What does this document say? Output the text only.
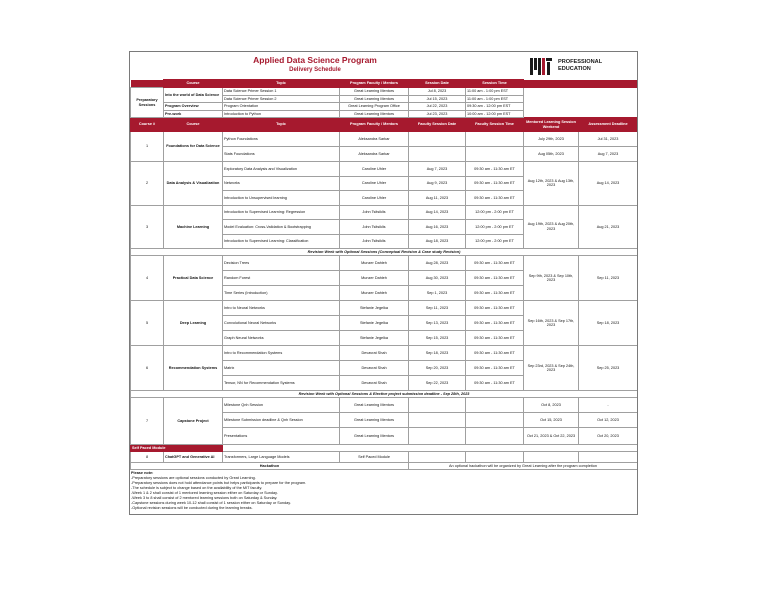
Applied Data Science Program
Delivery Schedule
PROFESSIONAL
EDUCATION
	Course	Topic	Program Faculty / Mentors	Session Date	Session Time		
Preparatory Sessions	Into the world of Data Science	Data Science Primer Session 1	Great Learning Mentors	Jul 8, 2023	11:00 am - 1:00 pm EST		
		Data Science Primer Session 2	Great Learning Mentors	Jul 15, 2023	11:00 am - 1:00 pm EST		
	Program Overview	Program Orientation	Great Learning Program Office	Jul 22, 2023	09:30 am - 12:00 pm EST		
	Pre-work	Introduction to Python	Great Learning Mentors	Jul 23, 2023	10:00 am - 12:00 pm EST		
Course #	Course	Topic	Program Faculty / Mentors	Faculty Session Date	Faculty Session Time	Mentored Learning Session Weekend	Assessment Deadline
1	Foundations for Data Science	Python Foundations	Aleksandra Sarkar			July 29th, 2023	Jul 31, 2023
		Stats Foundations	Aleksandra Sarkar			Aug 05th, 2023	Aug 7, 2023
2	Data Analysis & Visualization	Exploratory Data Analysis and Visualization	Caroline Uhler	Aug 7, 2023	09:30 am - 11:30 am ET	Aug 12th, 2023 & Aug 13th, 2023	Aug 14, 2023
		Networks	Caroline Uhler	Aug 9, 2023	09:30 am - 11:30 am ET		
		Introduction to Unsupervised learning	Caroline Uhler	Aug 11, 2023	09:30 am - 11:30 am ET		
3	Machine Learning	Introduction to Supervised Learning: Regression	John Tsitsiklis	Aug 14, 2023	12:00 pm - 2:00 pm ET	Aug 19th, 2023 & Aug 20th, 2023	Aug 21, 2023
		Model Evaluation: Cross-Validation & Bootstrapping	John Tsitsiklis	Aug 16, 2023	12:00 pm - 2:00 pm ET		
		Introduction to Supervised Learning: Classification	John Tsitsiklis	Aug 18, 2023	12:00 pm - 2:00 pm ET		
Revision Week with Optional Sessions (Conceptual Revision & Case study Revision)							
4	Practical Data Science	Decision Trees	Munzer Dahleh	Aug 28, 2023	09:30 am - 11:30 am ET	Sep 9th, 2023 & Sep 10th, 2023	Sep 11, 2023
		Random Forest	Munzer Dahleh	Aug 30, 2023	09:30 am - 11:30 am ET		
		Time Series (Introduction)	Munzer Dahleh	Sep 1, 2023	09:30 am - 11:30 am ET		
5	Deep Learning	Intro to Neural Networks	Stefanie Jegelka	Sep 11, 2023	09:30 am - 11:30 am ET	Sep 16th, 2023 & Sep 17th, 2023	Sep 18, 2023
		Convolutional Neural Networks	Stefanie Jegelka	Sep 13, 2023	09:30 am - 11:30 am ET		
		Graph Neural Networks	Stefanie Jegelka	Sep 15, 2023	09:30 am - 11:30 am ET		
6	Recommendation Systems	Intro to Recommendation Systems	Devavrat Shah	Sep 18, 2023	09:30 am - 11:30 am ET	Sep 23rd, 2023 & Sep 24th, 2023	Sep 25, 2023
		Matrix	Devavrat Shah	Sep 20, 2023	09:30 am - 11:30 am ET		
		Tensor, NN for Recommendation Systems	Devavrat Shah	Sep 22, 2023	09:30 am - 11:30 am ET		
Revision Week with Optional Sessions & Elective project submission deadline - Sep 28th, 2023							
7	Capstone Project	Milestone Qnh Session	Great Learning Mentors			Oct 8, 2023	-
		Milestone Submission deadline & Qnh Session	Great Learning Mentors			Oct 15, 2023	Oct 12, 2023
		Presentations	Great Learning Mentors			Oct 21, 2023 & Oct 22, 2023	Oct 20, 2023
Self Paced Module							
8	ChatGPT and Generative AI	Transformers, Large Language Models	Self Paced Module				
Hackathon				An optional hackathon will be organized by Great Learning after the program completion			
Please note:
-Preparatory sessions are optional sessions conducted by Great Learning.
-Preparatory sessions does not hold attendance points but helps participants to prepare for the program.
-The schedule is subject to change based on the availability of the MIT faculty.
-Week 1 & 2 shall consist of 1 mentored learning session either on Saturday or Sunday.
-Week 3 to 8 shall consist of 2 mentored learning sessions both on Saturday & Sunday.
-Capstone sessions during week 10-12 shall consist of 1 session either on Saturday or Sunday.
-Optional revision sessions will be conducted during the learning breaks.
